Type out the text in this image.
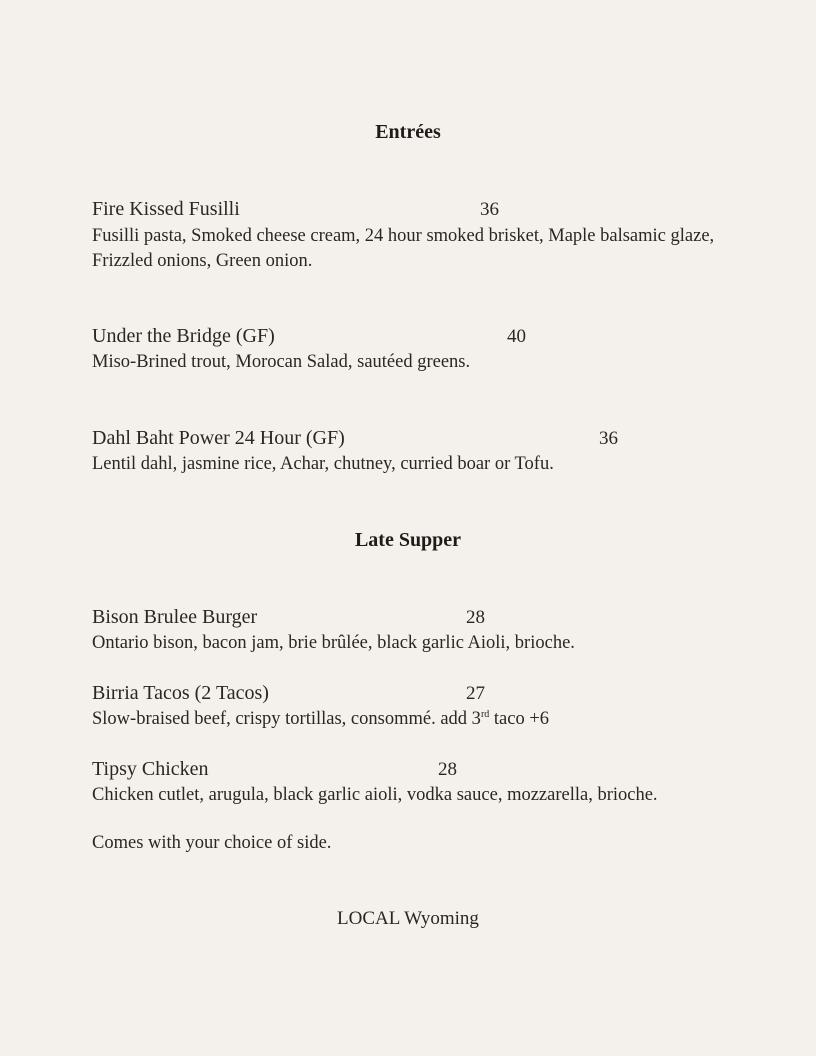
Entrées
Fire Kissed Fusilli	36
Fusilli pasta, Smoked cheese cream, 24 hour smoked brisket, Maple balsamic glaze, Frizzled onions, Green onion.
Under the Bridge (GF)	40
Miso-Brined trout, Morocan Salad, sautéed greens.
Dahl Baht Power 24 Hour (GF)	36
Lentil dahl, jasmine rice, Achar, chutney, curried boar or Tofu.
Late Supper
Bison Brulee Burger	28
Ontario bison, bacon jam, brie brûlée, black garlic Aioli, brioche.
Birria Tacos (2 Tacos)	27
Slow-braised beef, crispy tortillas, consommé. add 3rd taco +6
Tipsy Chicken	28
Chicken cutlet, arugula, black garlic aioli, vodka sauce, mozzarella, brioche.
Comes with your choice of side.
LOCAL Wyoming
